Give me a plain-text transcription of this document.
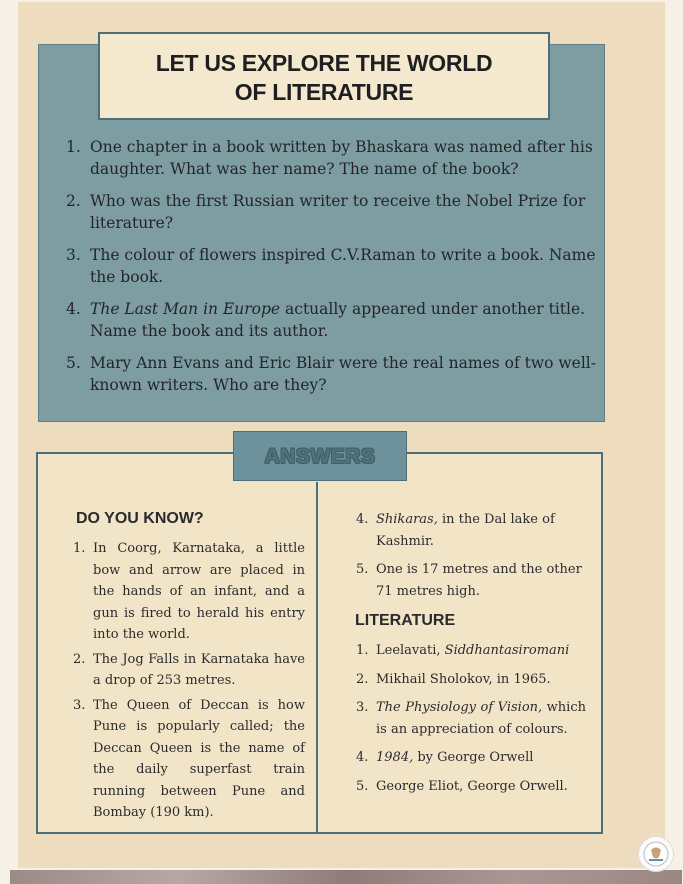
LET US EXPLORE THE WORLD
OF LITERATURE
1. One chapter in a book written by Bhaskara was named after his daughter. What was her name? The name of the book?
2. Who was the first Russian writer to receive the Nobel Prize for literature?
3. The colour of flowers inspired C.V.Raman to write a book. Name the book.
4. The Last Man in Europe actually appeared under another title. Name the book and its author.
5. Mary Ann Evans and Eric Blair were the real names of two well-known writers. Who are they?
ANSWERS
DO YOU KNOW?
1. In Coorg, Karnataka, a little bow and arrow are placed in the hands of an infant, and a gun is fired to herald his entry into the world.
2. The Jog Falls in Karnataka have a drop of 253 metres.
3. The Queen of Deccan is how Pune is popularly called; the Deccan Queen is the name of the daily superfast train running between Pune and Bombay (190 km).
4. Shikaras, in the Dal lake of Kashmir.
5. One is 17 metres and the other 71 metres high.
LITERATURE
1. Leelavati, Siddhantasiromani
2. Mikhail Sholokov, in 1965.
3. The Physiology of Vision, which is an appreciation of colours.
4. 1984, by George Orwell
5. George Eliot, George Orwell.
